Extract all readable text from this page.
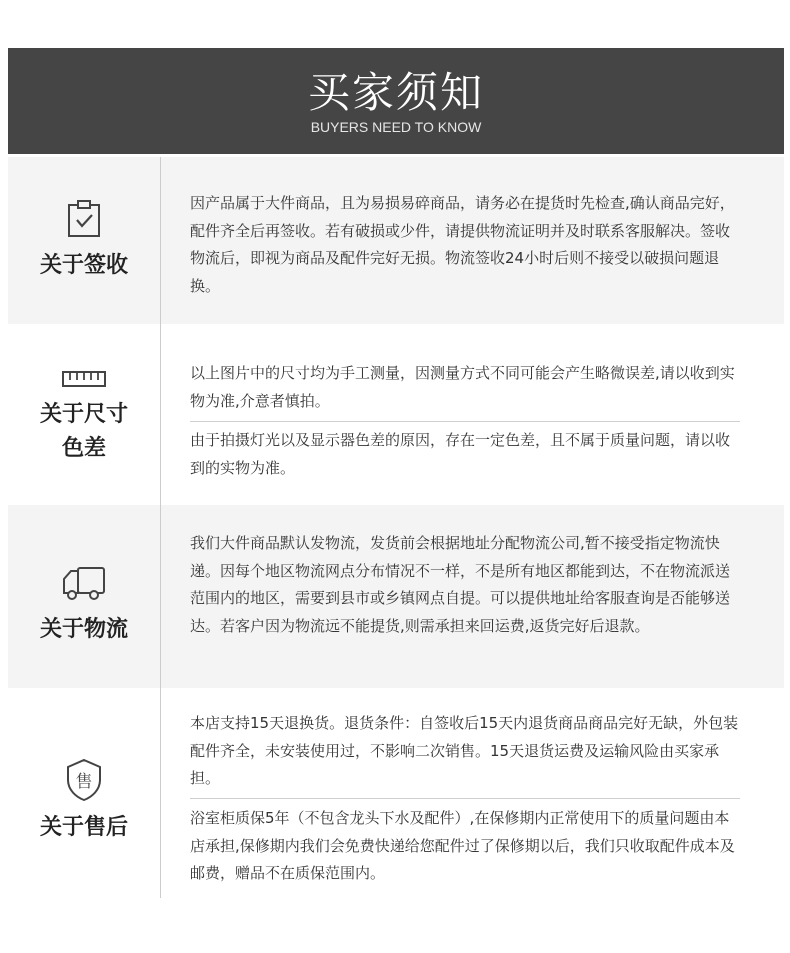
买家须知
BUYERS NEED TO KNOW
关于签收

因产品属于大件商品，且为易损易碎商品，请务必在提货时先检查,确认商品完好，配件齐全后再签收。若有破损或少件，请提供物流证明并及时联系客服解决。签收物流后，即视为商品及配件完好无损。物流签收24小时后则不接受以破损问题退换。

关于尺寸
色差

以上图片中的尺寸均为手工测量，因测量方式不同可能会产生略微误差,请以收到实物为准,介意者慎拍。

由于拍摄灯光以及显示器色差的原因，存在一定色差，且不属于质量问题，请以收到的实物为准。

关于物流

我们大件商品默认发物流，发货前会根据地址分配物流公司,暂不接受指定物流快递。因每个地区物流网点分布情况不一样，不是所有地区都能到达，不在物流派送范围内的地区，需要到县市或乡镇网点自提。可以提供地址给客服查询是否能够送达。若客户因为物流远不能提货,则需承担来回运费,返货完好后退款。

售
关于售后

本店支持15天退换货。退货条件：自签收后15天内退货商品商品完好无缺，外包装配件齐全，未安装使用过，不影响二次销售。15天退货运费及运输风险由买家承担。

浴室柜质保5年（不包含龙头下水及配件）,在保修期内正常使用下的质量问题由本店承担,保修期内我们会免费快递给您配件过了保修期以后，我们只收取配件成本及邮费，赠品不在质保范围内。
